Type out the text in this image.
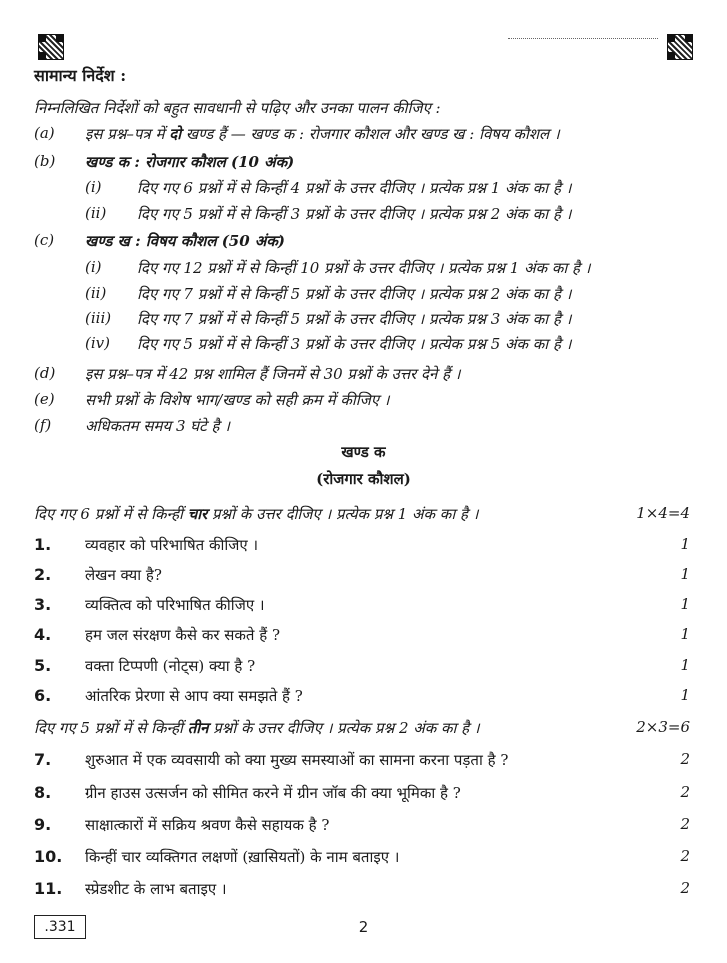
सामान्य निर्देश :
निम्नलिखित निर्देशों को बहुत सावधानी से पढ़िए और उनका पालन कीजिए :
(a) इस प्रश्न–पत्र में दो खण्ड हैं — खण्ड क : रोजगार कौशल और खण्ड ख : विषय कौशल ।
(b) खण्ड क : रोजगार कौशल (10 अंक)
(i) दिए गए 6 प्रश्नों में से किन्हीं 4 प्रश्नों के उत्तर दीजिए । प्रत्येक प्रश्न 1 अंक का है ।
(ii) दिए गए 5 प्रश्नों में से किन्हीं 3 प्रश्नों के उत्तर दीजिए । प्रत्येक प्रश्न 2 अंक का है ।
(c) खण्ड ख : विषय कौशल (50 अंक)
(i) दिए गए 12 प्रश्नों में से किन्हीं 10 प्रश्नों के उत्तर दीजिए । प्रत्येक प्रश्न 1 अंक का है ।
(ii) दिए गए 7 प्रश्नों में से किन्हीं 5 प्रश्नों के उत्तर दीजिए । प्रत्येक प्रश्न 2 अंक का है ।
(iii) दिए गए 7 प्रश्नों में से किन्हीं 5 प्रश्नों के उत्तर दीजिए । प्रत्येक प्रश्न 3 अंक का है ।
(iv) दिए गए 5 प्रश्नों में से किन्हीं 3 प्रश्नों के उत्तर दीजिए । प्रत्येक प्रश्न 5 अंक का है ।
(d) इस प्रश्न–पत्र में 42 प्रश्न शामिल हैं जिनमें से 30 प्रश्नों के उत्तर देने हैं ।
(e) सभी प्रश्नों के विशेष भाग/खण्ड को सही क्रम में कीजिए ।
(f) अधिकतम समय 3 घंटे है ।
खण्ड क
(रोजगार कौशल)
दिए गए 6 प्रश्नों में से किन्हीं चार प्रश्नों के उत्तर दीजिए । प्रत्येक प्रश्न 1 अंक का है ।	1×4=4
1. व्यवहार को परिभाषित कीजिए ।	1
2. लेखन क्या है?	1
3. व्यक्तित्व को परिभाषित कीजिए ।	1
4. हम जल संरक्षण कैसे कर सकते हैं ?	1
5. वक्ता टिप्पणी (नोट्स) क्या है ?	1
6. आंतरिक प्रेरणा से आप क्या समझते हैं ?	1
दिए गए 5 प्रश्नों में से किन्हीं तीन प्रश्नों के उत्तर दीजिए । प्रत्येक प्रश्न 2 अंक का है ।	2×3=6
7. शुरुआत में एक व्यवसायी को क्या मुख्य समस्याओं का सामना करना पड़ता है ?	2
8. ग्रीन हाउस उत्सर्जन को सीमित करने में ग्रीन जॉब की क्या भूमिका है ?	2
9. साक्षात्कारों में सक्रिय श्रवण कैसे सहायक है ?	2
10. किन्हीं चार व्यक्तिगत लक्षणों (ख़ासियतों) के नाम बताइए ।	2
11. स्प्रेडशीट के लाभ बताइए ।	2
.331	2
